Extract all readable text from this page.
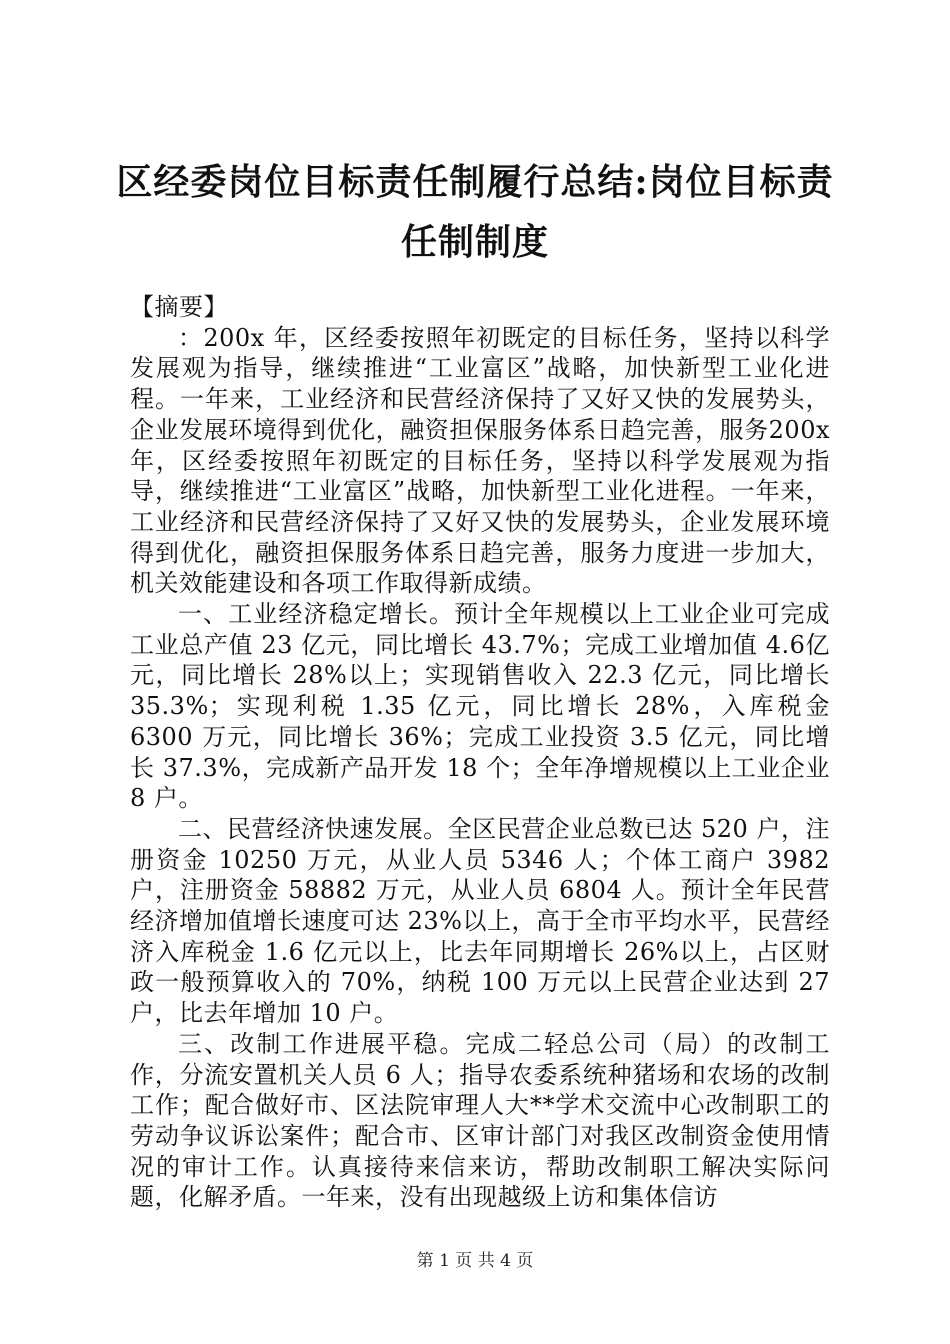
区经委岗位目标责任制履行总结:岗位目标责任制制度

【摘要】

：200x 年，区经委按照年初既定的目标任务，坚持以科学发展观为指导，继续推进“工业富区”战略，加快新型工业化进程。一年来，工业经济和民营经济保持了又好又快的发展势头，企业发展环境得到优化，融资担保服务体系日趋完善，服务200x 年，区经委按照年初既定的目标任务，坚持以科学发展观为指导，继续推进“工业富区”战略，加快新型工业化进程。一年来，工业经济和民营经济保持了又好又快的发展势头，企业发展环境得到优化，融资担保服务体系日趋完善，服务力度进一步加大，机关效能建设和各项工作取得新成绩。

一、工业经济稳定增长。预计全年规模以上工业企业可完成工业总产值 23 亿元，同比增长 43.7%；完成工业增加值 4.6亿元，同比增长 28%以上；实现销售收入 22.3 亿元，同比增长35.3%；实现利税 1.35 亿元，同比增长 28%，入库税金 6300 万元，同比增长 36%；完成工业投资 3.5 亿元，同比增长 37.3%，完成新产品开发 18 个；全年净增规模以上工业企业 8 户。

二、民营经济快速发展。全区民营企业总数已达 520 户，注册资金 10250 万元，从业人员 5346 人；个体工商户 3982 户，注册资金 58882 万元，从业人员 6804 人。预计全年民营经济增加值增长速度可达 23%以上，高于全市平均水平，民营经济入库税金 1.6 亿元以上，比去年同期增长 26%以上，占区财政一般预算收入的 70%，纳税 100 万元以上民营企业达到 27 户，比去年增加 10 户。

三、改制工作进展平稳。完成二轻总公司（局）的改制工作，分流安置机关人员 6 人；指导农委系统种猪场和农场的改制工作；配合做好市、区法院审理人大**学术交流中心改制职工的劳动争议诉讼案件；配合市、区审计部门对我区改制资金使用情况的审计工作。认真接待来信来访，帮助改制职工解决实际问题，化解矛盾。一年来，没有出现越级上访和集体信访

第 1 页 共 4 页
